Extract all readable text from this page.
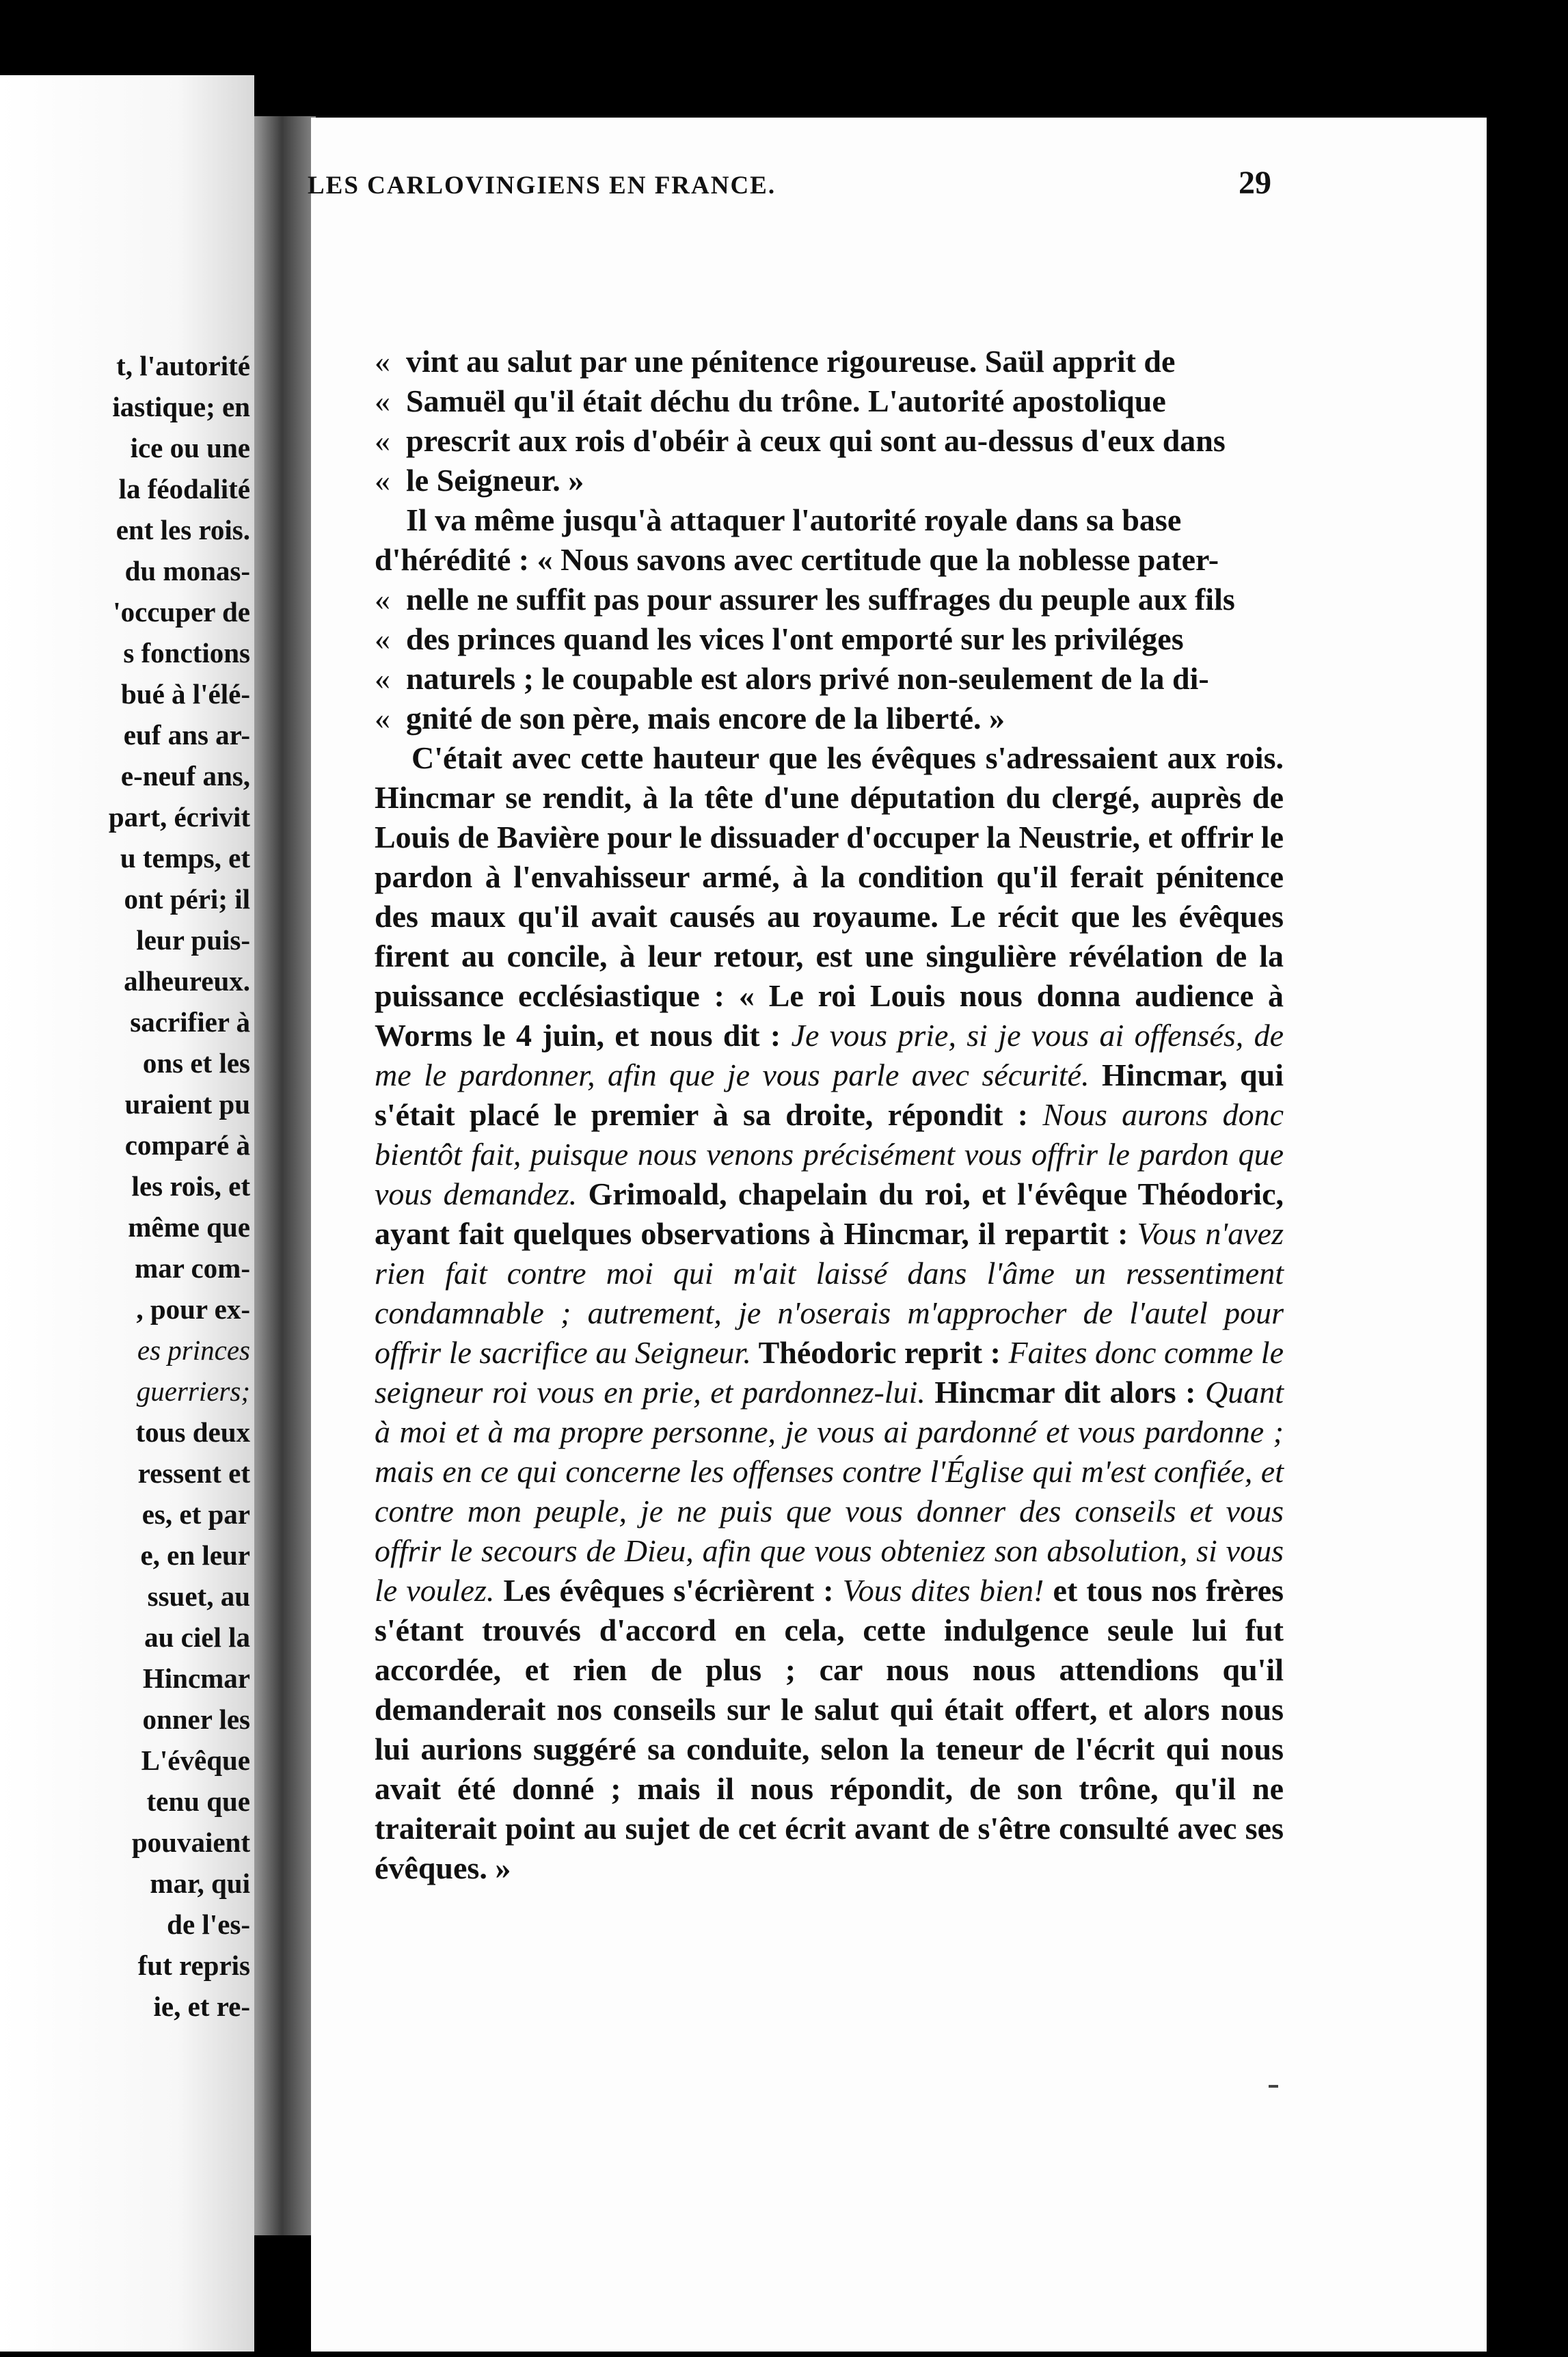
t, l'autorité
iastique; en
ice ou une
la féodalité
ent les rois.
du monas-
'occuper de
s fonctions
bué à l'élé-
euf ans ar-
e-neuf ans,
part, écrivit
u temps, et
ont péri; il
leur puis-
alheureux.
sacrifier à
ons et les
uraient pu
comparé à
les rois, et
même que
mar com-
, pour ex-
es princes
guerriers;
tous deux
ressent et
es, et par
e, en leur
ssuet, au
au ciel la
Hincmar
onner les
L'évêque
tenu que
pouvaient
mar, qui
de l'es-
fut repris
ie, et re-
LES CARLOVINGIENS EN FRANCE.	29

« vint au salut par une pénitence rigoureuse. Saül apprit de
« Samuël qu'il était déchu du trône. L'autorité apostolique
« prescrit aux rois d'obéir à ceux qui sont au-dessus d'eux dans
« le Seigneur. »

Il va même jusqu'à attaquer l'autorité royale dans sa base
d'hérédité : « Nous savons avec certitude que la noblesse pater-
« nelle ne suffit pas pour assurer les suffrages du peuple aux fils
« des princes quand les vices l'ont emporté sur les priviléges
« naturels ; le coupable est alors privé non-seulement de la di-
« gnité de son père, mais encore de la liberté. »

C'était avec cette hauteur que les évêques s'adressaient aux rois. Hincmar se rendit, à la tête d'une députation du clergé, auprès de Louis de Bavière pour le dissuader d'occuper la Neustrie, et offrir le pardon à l'envahisseur armé, à la condition qu'il ferait pénitence des maux qu'il avait causés au royaume. Le récit que les évêques firent au concile, à leur retour, est une singulière révélation de la puissance ecclésiastique : « Le roi Louis nous donna audience à Worms le 4 juin, et nous dit : Je vous prie, si je vous ai offensés, de me le pardonner, afin que je vous parle avec sécurité. Hincmar, qui s'était placé le premier à sa droite, répondit : Nous aurons donc bientôt fait, puisque nous venons précisément vous offrir le pardon que vous demandez. Grimoald, chapelain du roi, et l'évêque Théodoric, ayant fait quelques observations à Hincmar, il repartit : Vous n'avez rien fait contre moi qui m'ait laissé dans l'âme un ressentiment condamnable ; autrement, je n'oserais m'approcher de l'autel pour offrir le sacrifice au Seigneur. Théodoric reprit : Faites donc comme le seigneur roi vous en prie, et pardonnez-lui. Hincmar dit alors : Quant à moi et à ma propre personne, je vous ai pardonné et vous pardonne ; mais en ce qui concerne les offenses contre l'Église qui m'est confiée, et contre mon peuple, je ne puis que vous donner des conseils et vous offrir le secours de Dieu, afin que vous obteniez son absolution, si vous le voulez. Les évêques s'écrièrent : Vous dites bien! et tous nos frères s'étant trouvés d'accord en cela, cette indulgence seule lui fut accordée, et rien de plus ; car nous nous attendions qu'il demanderait nos conseils sur le salut qui était offert, et alors nous lui aurions suggéré sa conduite, selon la teneur de l'écrit qui nous avait été donné ; mais il nous répondit, de son trône, qu'il ne traiterait point au sujet de cet écrit avant de s'être consulté avec ses évêques. »
